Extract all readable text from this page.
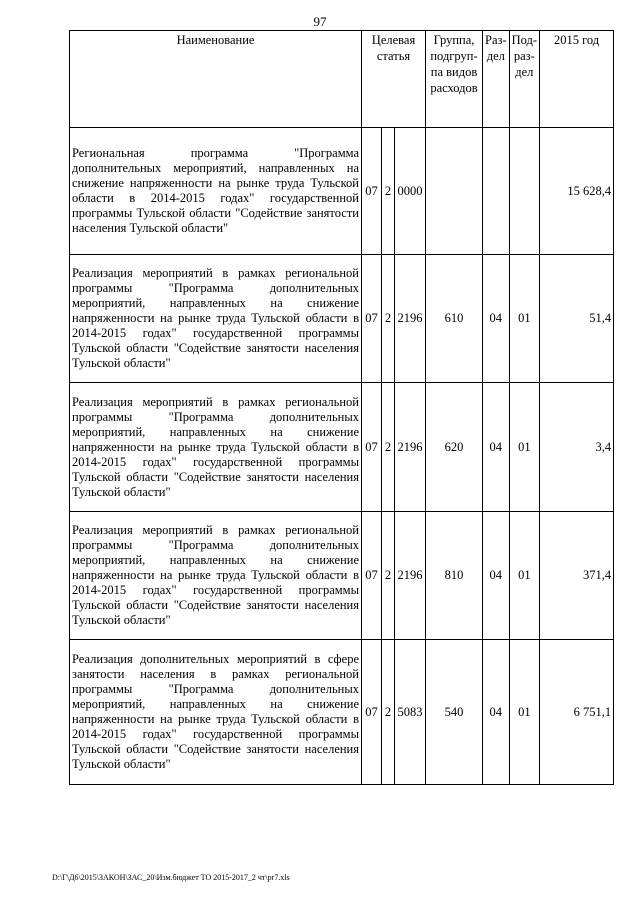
97
Наименование	Целевая статья			Группа, подгруп-па видов расходов	Раз-дел	Под-раз-дел	2015 год
Региональная программа "Программа дополнительных мероприятий, направленных на снижение напряженности на рынке труда Тульской области в 2014-2015 годах" государственной программы Тульской области "Содействие занятости населения Тульской области"	07	2	0000				15 628,4
Реализация мероприятий в рамках региональной программы "Программа дополнительных мероприятий, направленных на снижение напряженности на рынке труда Тульской области в 2014-2015 годах" государственной программы Тульской области "Содействие занятости населения Тульской области"	07	2	2196	610	04	01	51,4
Реализация мероприятий в рамках региональной программы "Программа дополнительных мероприятий, направленных на снижение напряженности на рынке труда Тульской области в 2014-2015 годах" государственной программы Тульской области "Содействие занятости населения Тульской области"	07	2	2196	620	04	01	3,4
Реализация мероприятий в рамках региональной программы "Программа дополнительных мероприятий, направленных на снижение напряженности на рынке труда Тульской области в 2014-2015 годах" государственной программы Тульской области "Содействие занятости населения Тульской области"	07	2	2196	810	04	01	371,4
Реализация дополнительных мероприятий в сфере занятости населения в рамках региональной программы "Программа дополнительных мероприятий, направленных на снижение напряженности на рынке труда Тульской области в 2014-2015 годах" государственной программы Тульской области "Содействие занятости населения Тульской области"	07	2	5083	540	04	01	6 751,1
D:\Г\Д6\2015\ЗАКОН\ЗАС_20\Изм.бюджет ТО 2015-2017_2 чт\pr7.xls
